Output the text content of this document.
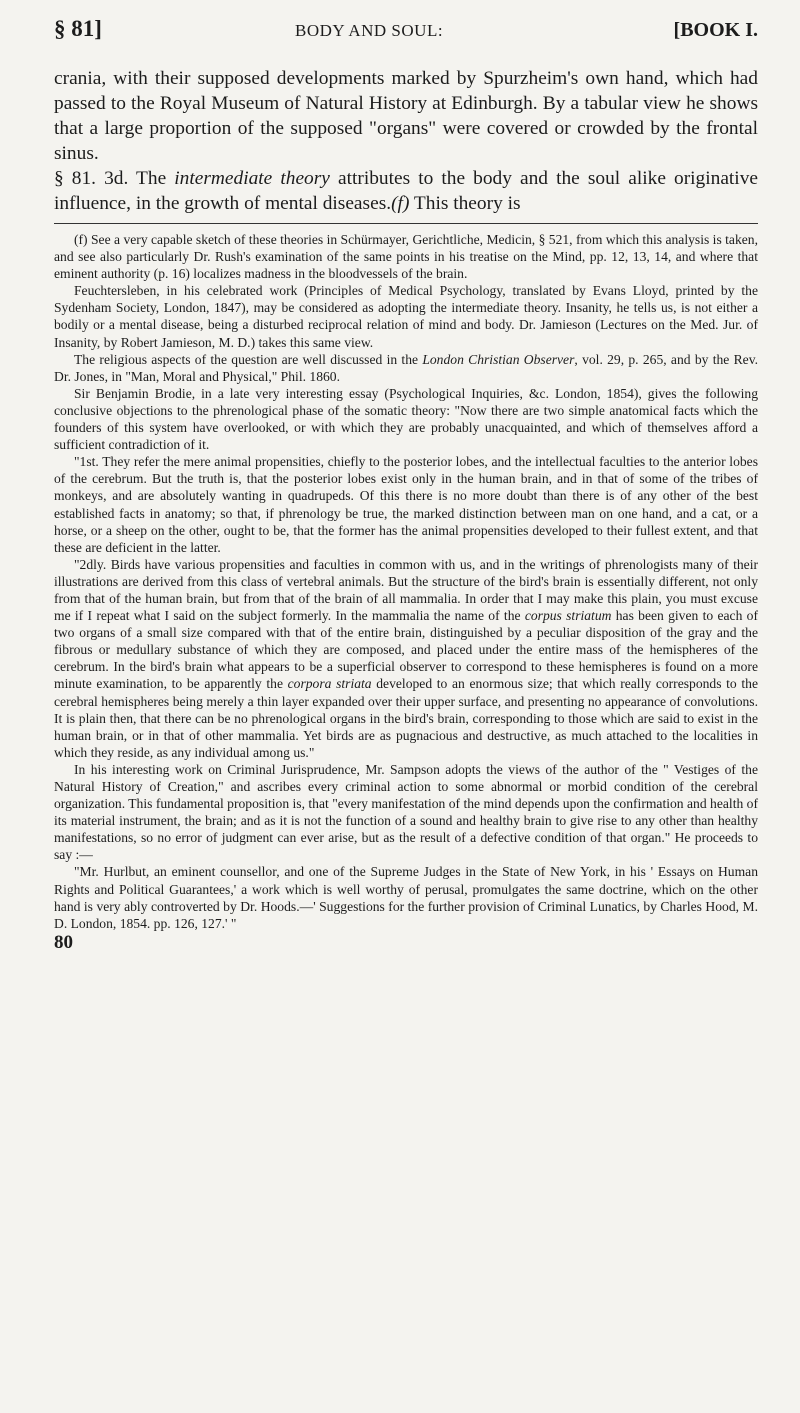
§ 81]	BODY AND SOUL:	[BOOK I.

crania, with their supposed developments marked by Spurzheim's own hand, which had passed to the Royal Museum of Natural History at Edinburgh. By a tabular view he shows that a large proportion of the supposed "organs" were covered or crowded by the frontal sinus.

§ 81. 3d. The intermediate theory attributes to the body and the soul alike originative influence, in the growth of mental diseases.(f) This theory is

(f) See a very capable sketch of these theories in Schürmayer, Gerichtliche, Medicin, § 521, from which this analysis is taken, and see also particularly Dr. Rush's examination of the same points in his treatise on the Mind, pp. 12, 13, 14, and where that eminent authority (p. 16) localizes madness in the bloodvessels of the brain.

Feuchtersleben, in his celebrated work (Principles of Medical Psychology, translated by Evans Lloyd, printed by the Sydenham Society, London, 1847), may be considered as adopting the intermediate theory. Insanity, he tells us, is not either a bodily or a mental disease, being a disturbed reciprocal relation of mind and body. Dr. Jamieson (Lectures on the Med. Jur. of Insanity, by Robert Jamieson, M. D.) takes this same view.

The religious aspects of the question are well discussed in the London Christian Observer, vol. 29, p. 265, and by the Rev. Dr. Jones, in "Man, Moral and Physical," Phil. 1860.

Sir Benjamin Brodie, in a late very interesting essay (Psychological Inquiries, &c. London, 1854), gives the following conclusive objections to the phrenological phase of the somatic theory: "Now there are two simple anatomical facts which the founders of this system have overlooked, or with which they are probably unacquainted, and which of themselves afford a sufficient contradiction of it.

"1st. They refer the mere animal propensities, chiefly to the posterior lobes, and the intellectual faculties to the anterior lobes of the cerebrum. But the truth is, that the posterior lobes exist only in the human brain, and in that of some of the tribes of monkeys, and are absolutely wanting in quadrupeds. Of this there is no more doubt than there is of any other of the best established facts in anatomy; so that, if phrenology be true, the marked distinction between man on one hand, and a cat, or a horse, or a sheep on the other, ought to be, that the former has the animal propensities developed to their fullest extent, and that these are deficient in the latter.

"2dly. Birds have various propensities and faculties in common with us, and in the writings of phrenologists many of their illustrations are derived from this class of vertebral animals. But the structure of the bird's brain is essentially different, not only from that of the human brain, but from that of the brain of all mammalia. In order that I may make this plain, you must excuse me if I repeat what I said on the subject formerly. In the mammalia the name of the corpus striatum has been given to each of two organs of a small size compared with that of the entire brain, distinguished by a peculiar disposition of the gray and the fibrous or medullary substance of which they are composed, and placed under the entire mass of the hemispheres of the cerebrum. In the bird's brain what appears to be a superficial observer to correspond to these hemispheres is found on a more minute examination, to be apparently the corpora striata developed to an enormous size; that which really corresponds to the cerebral hemispheres being merely a thin layer expanded over their upper surface, and presenting no appearance of convolutions. It is plain then, that there can be no phrenological organs in the bird's brain, corresponding to those which are said to exist in the human brain, or in that of other mammalia. Yet birds are as pugnacious and destructive, as much attached to the localities in which they reside, as any individual among us."

In his interesting work on Criminal Jurisprudence, Mr. Sampson adopts the views of the author of the " Vestiges of the Natural History of Creation," and ascribes every criminal action to some abnormal or morbid condition of the cerebral organization. This fundamental proposition is, that "every manifestation of the mind depends upon the confirmation and health of its material instrument, the brain; and as it is not the function of a sound and healthy brain to give rise to any other than healthy manifestations, so no error of judgment can ever arise, but as the result of a defective condition of that organ." He proceeds to say :—

"Mr. Hurlbut, an eminent counsellor, and one of the Supreme Judges in the State of New York, in his ' Essays on Human Rights and Political Guarantees,' a work which is well worthy of perusal, promulgates the same doctrine, which on the other hand is very ably controverted by Dr. Hoods.—' Suggestions for the further provision of Criminal Lunatics, by Charles Hood, M. D. London, 1854. pp. 126, 127.' "

80
